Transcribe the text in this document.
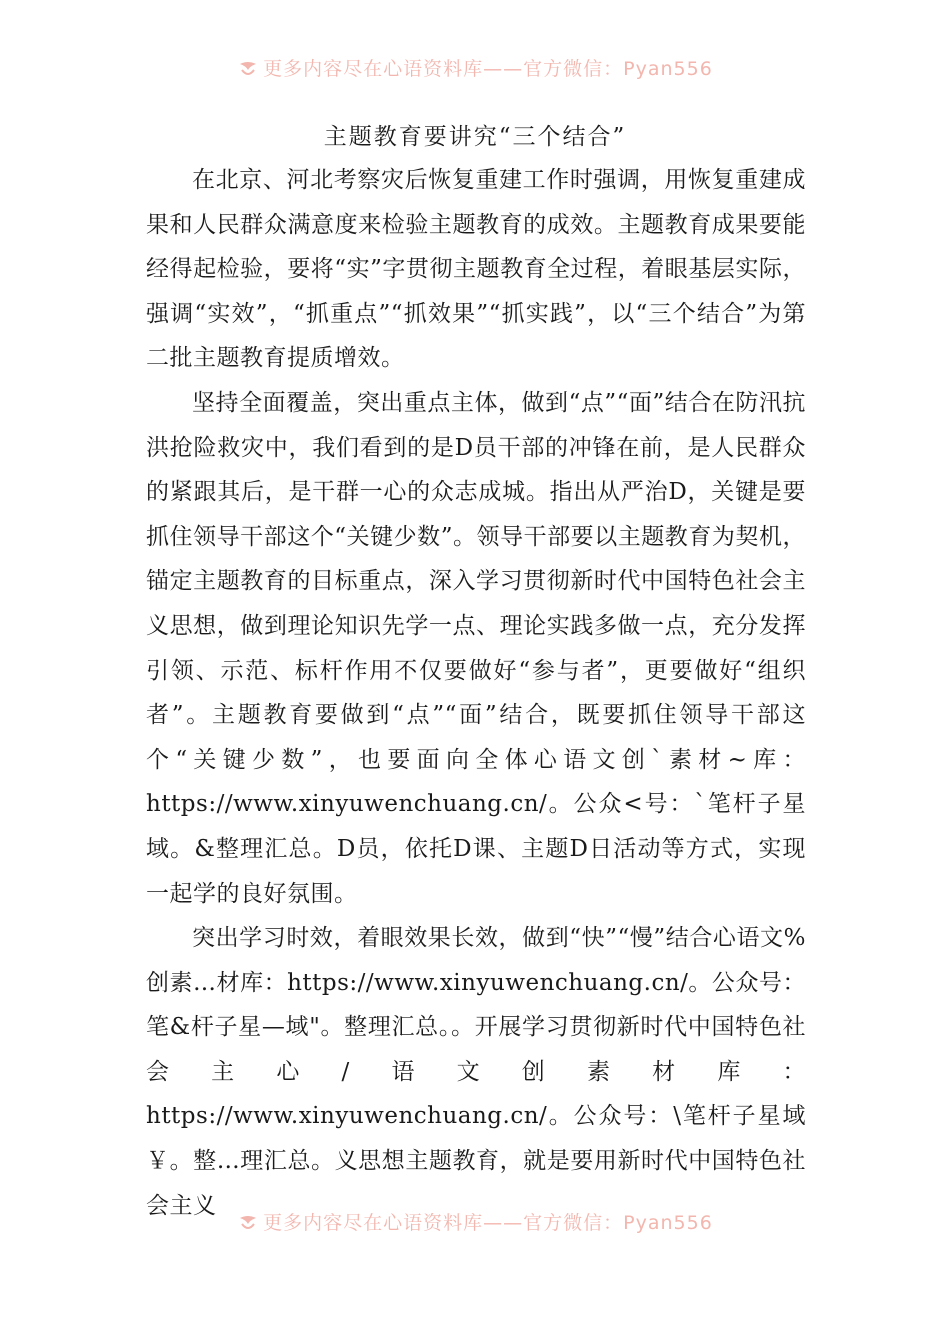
更多内容尽在心语资料库——官方微信：Pyan556
主题教育要讲究“三个结合”

在北京、河北考察灾后恢复重建工作时强调，用恢复重建成果和人民群众满意度来检验主题教育的成效。主题教育成果要能经得起检验，要将“实”字贯彻主题教育全过程，着眼基层实际，强调“实效”，“抓重点”“抓效果”“抓实践”，以“三个结合”为第二批主题教育提质增效。

坚持全面覆盖，突出重点主体，做到“点”“面”结合在防汛抗洪抢险救灾中，我们看到的是D员干部的冲锋在前，是人民群众的紧跟其后，是干群一心的众志成城。指出从严治D，关键是要抓住领导干部这个“关键少数”。领导干部要以主题教育为契机，锚定主题教育的目标重点，深入学习贯彻新时代中国特色社会主义思想，做到理论知识先学一点、理论实践多做一点，充分发挥引领、示范、标杆作用不仅要做好“参与者”，更要做好“组织者”。主题教育要做到“点”“面”结合，既要抓住领导干部这个“关键少数”，也要面向全体心语文创`素材~库：https://www.xinyuwenchuang.cn/。公众<号：`笔杆子星域。&整理汇总。D员，依托D课、主题D日活动等方式，实现一起学的良好氛围。

突出学习时效，着眼效果长效，做到“快”“慢”结合心语文%创素…材库：https://www.xinyuwenchuang.cn/。公众号：笔&杆子星—域"。整理汇总。。开展学习贯彻新时代中国特色社会主心/语文创素材库：https://www.xinyuwenchuang.cn/。公众号：\笔杆子星域￥。整…理汇总。义思想主题教育，就是要用新时代中国特色社会主义

更多内容尽在心语资料库——官方微信：Pyan556
